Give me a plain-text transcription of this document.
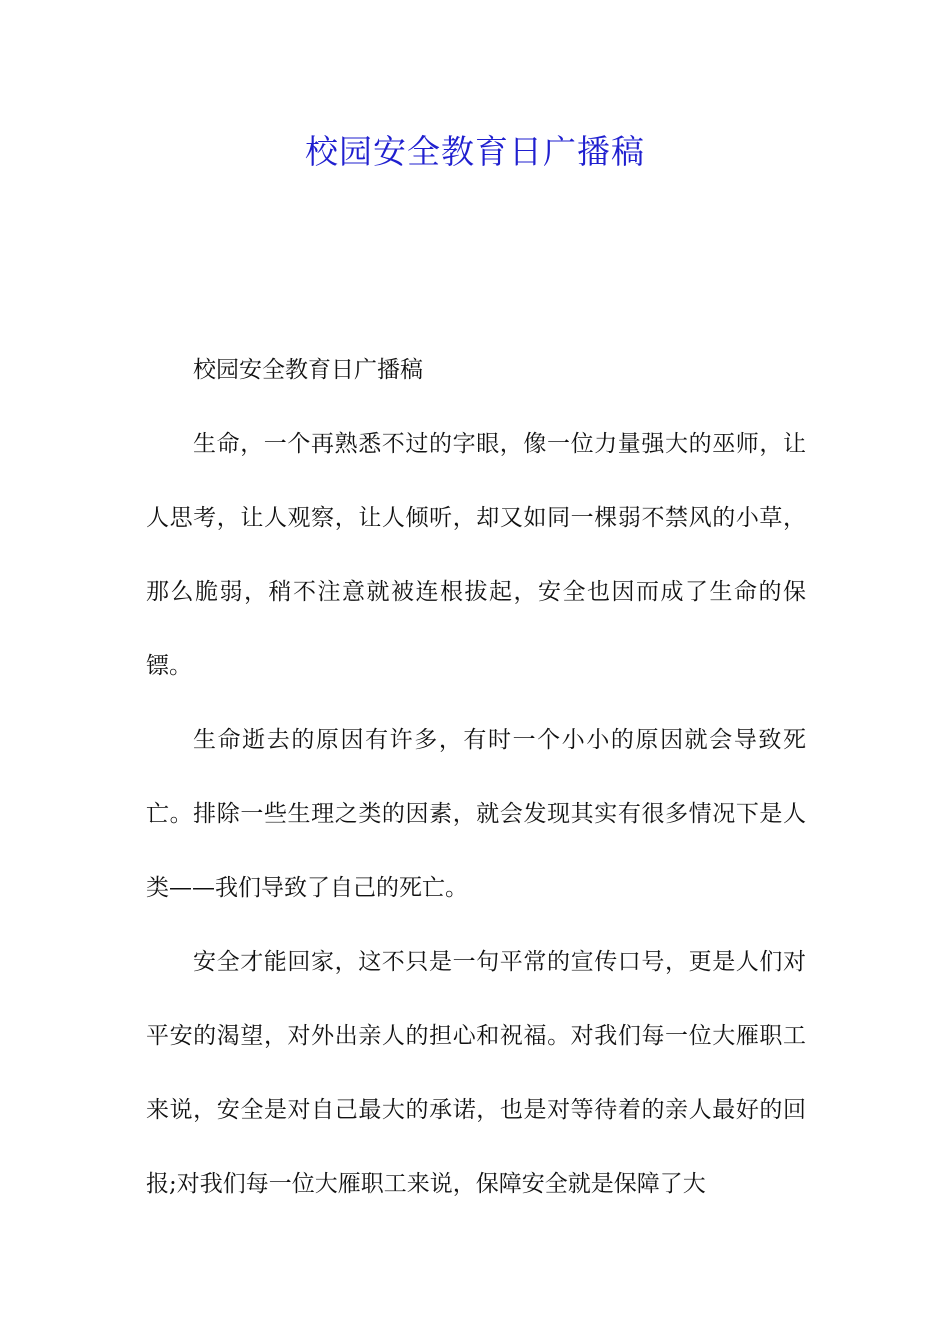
校园安全教育日广播稿

校园安全教育日广播稿

生命，一个再熟悉不过的字眼，像一位力量强大的巫师，让人思考，让人观察，让人倾听，却又如同一棵弱不禁风的小草，那么脆弱，稍不注意就被连根拔起，安全也因而成了生命的保镖。

生命逝去的原因有许多，有时一个小小的原因就会导致死亡。排除一些生理之类的因素，就会发现其实有很多情况下是人类——我们导致了自己的死亡。

安全才能回家，这不只是一句平常的宣传口号，更是人们对平安的渴望，对外出亲人的担心和祝福。对我们每一位大雁职工来说，安全是对自己最大的承诺，也是对等待着的亲人最好的回报;对我们每一位大雁职工来说，保障安全就是保障了大
